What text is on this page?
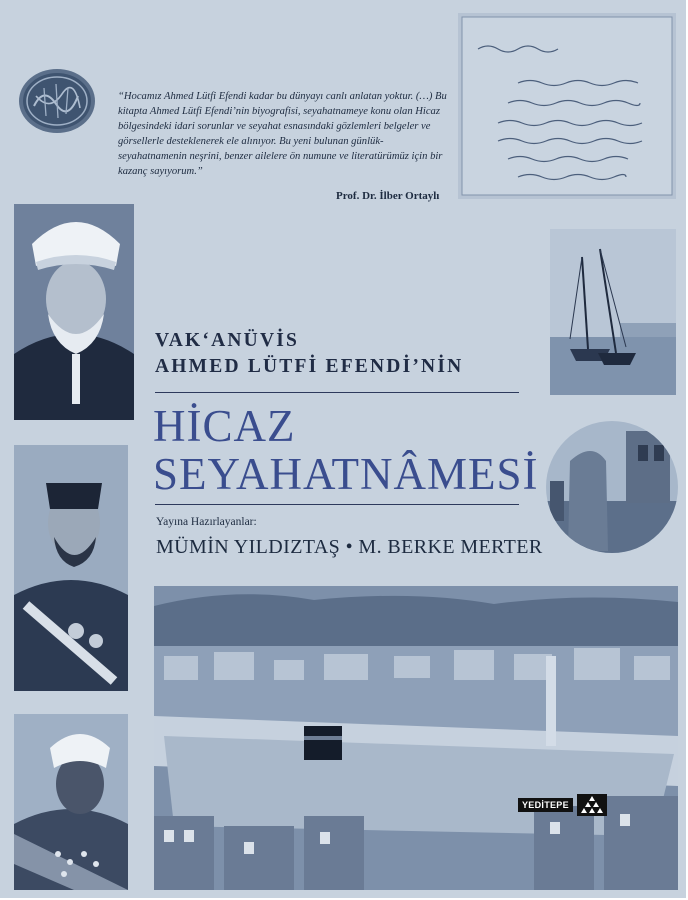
“Hocamız Ahmed Lütfi Efendi kadar bu dünyayı canlı anlatan yoktur. (…) Bu kitapta Ahmed Lütfi Efendi’nin biyografisi, seyahatnameye konu olan Hicaz bölgesindeki idari sorunlar ve seyahat esnasındaki gözlemleri belgeler ve görsellerle desteklenerek ele alınıyor. Bu yeni bulunan günlük-seyahatnamenin neşrini, benzer ailelere ön numune ve literatürümüz için bir kazanç sayıyorum.”
Prof. Dr. İlber Ortaylı
VAK‘ANÜVİS
AHMED LÜTFİ EFENDİ’NİN
HİCAZ
SEYAHATNÂMESİ
Yayına Hazırlayanlar:
MÜMİN YILDIZTAŞ • M. BERKE MERTER
YEDİTEPE
